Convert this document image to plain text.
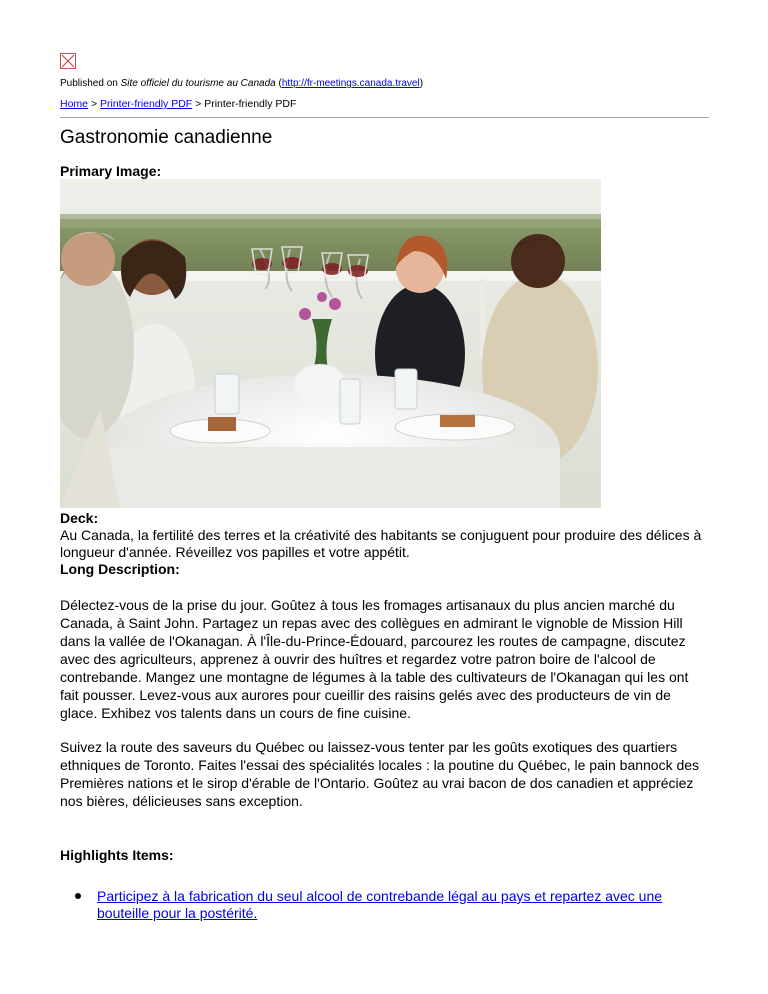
Published on Site officiel du tourisme au Canada (http://fr-meetings.canada.travel)
Home > Printer-friendly PDF > Printer-friendly PDF
Gastronomie canadienne
Primary Image:
Deck:
Au Canada, la fertilité des terres et la créativité des habitants se conjuguent pour produire des délices à longueur d'année. Réveillez vos papilles et votre appétit.
Long Description:

Délectez-vous de la prise du jour. Goûtez à tous les fromages artisanaux du plus ancien marché du Canada, à Saint John. Partagez un repas avec des collègues en admirant le vignoble de Mission Hill dans la vallée de l'Okanagan. À l'Île-du-Prince-Édouard, parcourez les routes de campagne, discutez avec des agriculteurs, apprenez à ouvrir des huîtres et regardez votre patron boire de l'alcool de contrebande. Mangez une montagne de légumes à la table des cultivateurs de l'Okanagan qui les ont fait pousser. Levez-vous aux aurores pour cueillir des raisins gelés avec des producteurs de vin de glace. Exhibez vos talents dans un cours de fine cuisine.

Suivez la route des saveurs du Québec ou laissez-vous tenter par les goûts exotiques des quartiers ethniques de Toronto. Faites l'essai des spécialités locales : la poutine du Québec, le pain bannock des Premières nations et le sirop d'érable de l'Ontario. Goûtez au vrai bacon de dos canadien et appréciez nos bières, délicieuses sans exception.

Highlights Items:
Participez à la fabrication du seul alcool de contrebande légal au pays et repartez avec une bouteille pour la postérité.
